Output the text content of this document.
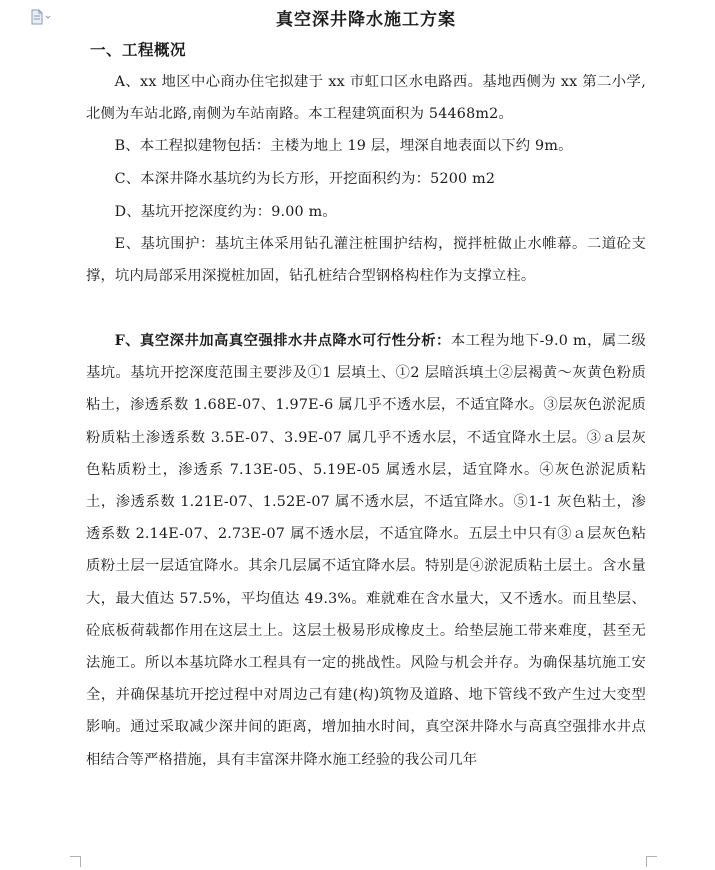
真空深井降水施工方案
一、工程概况

A、xx 地区中心商办住宅拟建于 xx 市虹口区水电路西。基地西侧为 xx 第二小学,北侧为车站北路,南侧为车站南路。本工程建筑面积为 54468m2。

B、本工程拟建物包括：主楼为地上 19 层，埋深自地表面以下约 9m。

C、本深井降水基坑约为长方形，开挖面积约为：5200 m2

D、基坑开挖深度约为：9.00 m。

E、基坑围护：基坑主体采用钻孔灌注桩围护结构，搅拌桩做止水帷幕。二道砼支撑，坑内局部采用深搅桩加固，钻孔桩结合型钢格构柱作为支撑立柱。

F、真空深井加高真空强排水井点降水可行性分析：本工程为地下-9.0 m，属二级基坑。基坑开挖深度范围主要涉及①1 层填土、①2 层暗浜填土②层褐黄～灰黄色粉质粘土，渗透系数 1.68E-07、1.97E-6 属几乎不透水层，不适宜降水。③层灰色淤泥质粉质粘土渗透系数 3.5E-07、3.9E-07 属几乎不透水层，不适宜降水土层。③ａ层灰色粘质粉土，渗透系 7.13E-05、5.19E-05 属透水层，适宜降水。④灰色淤泥质粘土，渗透系数 1.21E-07、1.52E-07 属不透水层，不适宜降水。⑤1-1 灰色粘土，渗透系数 2.14E-07、2.73E-07 属不透水层，不适宜降水。五层土中只有③ａ层灰色粘质粉土层一层适宜降水。其余几层属不适宜降水层。特别是④淤泥质粘土层土。含水量大，最大值达 57.5%，平均值达 49.3%。难就难在含水量大，又不透水。而且垫层、砼底板荷载都作用在这层土上。这层土极易形成橡皮土。给垫层施工带来难度，甚至无法施工。所以本基坑降水工程具有一定的挑战性。风险与机会并存。为确保基坑施工安全，并确保基坑开挖过程中对周边己有建(构)筑物及道路、地下管线不致产生过大变型影响。通过采取减少深井间的距离，增加抽水时间，真空深井降水与高真空强排水井点相结合等严格措施，具有丰富深井降水施工经验的我公司几年
